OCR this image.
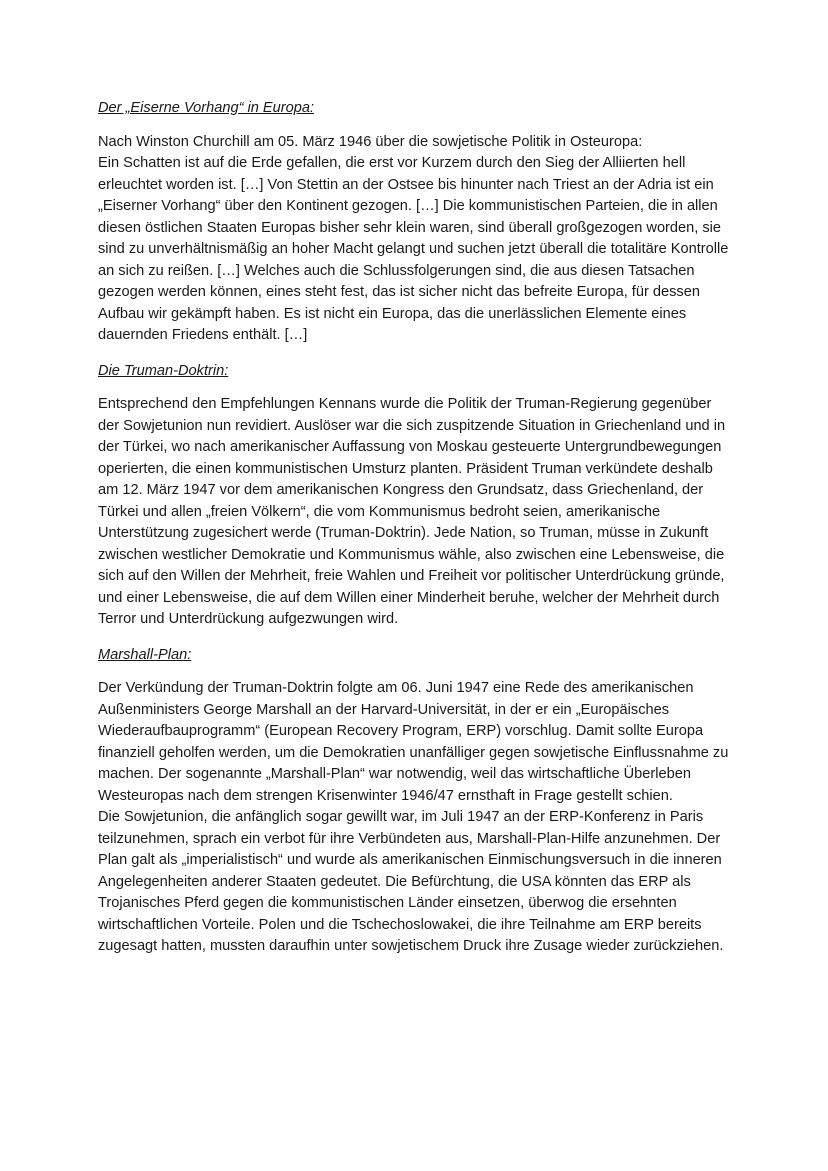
Der „Eiserne Vorhang“ in Europa:

Nach Winston Churchill am 05. März 1946 über die sowjetische Politik in Osteuropa:

Ein Schatten ist auf die Erde gefallen, die erst vor Kurzem durch den Sieg der Alliierten hell erleuchtet worden ist. […] Von Stettin an der Ostsee bis hinunter nach Triest an der Adria ist ein „Eiserner Vorhang“ über den Kontinent gezogen. […] Die kommunistischen Parteien, die in allen diesen östlichen Staaten Europas bisher sehr klein waren, sind überall großgezogen worden, sie sind zu unverhältnismäßig an hoher Macht gelangt und suchen jetzt überall die totalitäre Kontrolle an sich zu reißen. […] Welches auch die Schlussfolgerungen sind, die aus diesen Tatsachen gezogen werden können, eines steht fest, das ist sicher nicht das befreite Europa, für dessen Aufbau wir gekämpft haben. Es ist nicht ein Europa, das die unerlässlichen Elemente eines dauernden Friedens enthält. […]

Die Truman-Doktrin:

Entsprechend den Empfehlungen Kennans wurde die Politik der Truman-Regierung gegenüber der Sowjetunion nun revidiert. Auslöser war die sich zuspitzende Situation in Griechenland und in der Türkei, wo nach amerikanischer Auffassung von Moskau gesteuerte Untergrundbewegungen operierten, die einen kommunistischen Umsturz planten. Präsident Truman verkündete deshalb am 12. März 1947 vor dem amerikanischen Kongress den Grundsatz, dass Griechenland, der Türkei und allen „freien Völkern“, die vom Kommunismus bedroht seien, amerikanische Unterstützung zugesichert werde (Truman-Doktrin). Jede Nation, so Truman, müsse in Zukunft zwischen westlicher Demokratie und Kommunismus wähle, also zwischen eine Lebensweise, die sich auf den Willen der Mehrheit, freie Wahlen und Freiheit vor politischer Unterdrückung gründe, und einer Lebensweise, die auf dem Willen einer Minderheit beruhe, welcher der Mehrheit durch Terror und Unterdrückung aufgezwungen wird.

Marshall-Plan:

Der Verkündung der Truman-Doktrin folgte am 06. Juni 1947 eine Rede des amerikanischen Außenministers George Marshall an der Harvard-Universität, in der er ein „Europäisches Wiederaufbauprogramm“ (European Recovery Program, ERP) vorschlug. Damit sollte Europa finanziell geholfen werden, um die Demokratien unanfälliger gegen sowjetische Einflussnahme zu machen. Der sogenannte „Marshall-Plan“ war notwendig, weil das wirtschaftliche Überleben Westeuropas nach dem strengen Krisenwinter 1946/47 ernsthaft in Frage gestellt schien.

Die Sowjetunion, die anfänglich sogar gewillt war, im Juli 1947 an der ERP-Konferenz in Paris teilzunehmen, sprach ein verbot für ihre Verbündeten aus, Marshall-Plan-Hilfe anzunehmen. Der Plan galt als „imperialistisch“ und wurde als amerikanischen Einmischungsversuch in die inneren Angelegenheiten anderer Staaten gedeutet. Die Befürchtung, die USA könnten das ERP als Trojanisches Pferd gegen die kommunistischen Länder einsetzen, überwog die ersehnten wirtschaftlichen Vorteile. Polen und die Tschechoslowakei, die ihre Teilnahme am ERP bereits zugesagt hatten, mussten daraufhin unter sowjetischem Druck ihre Zusage wieder zurückziehen.
